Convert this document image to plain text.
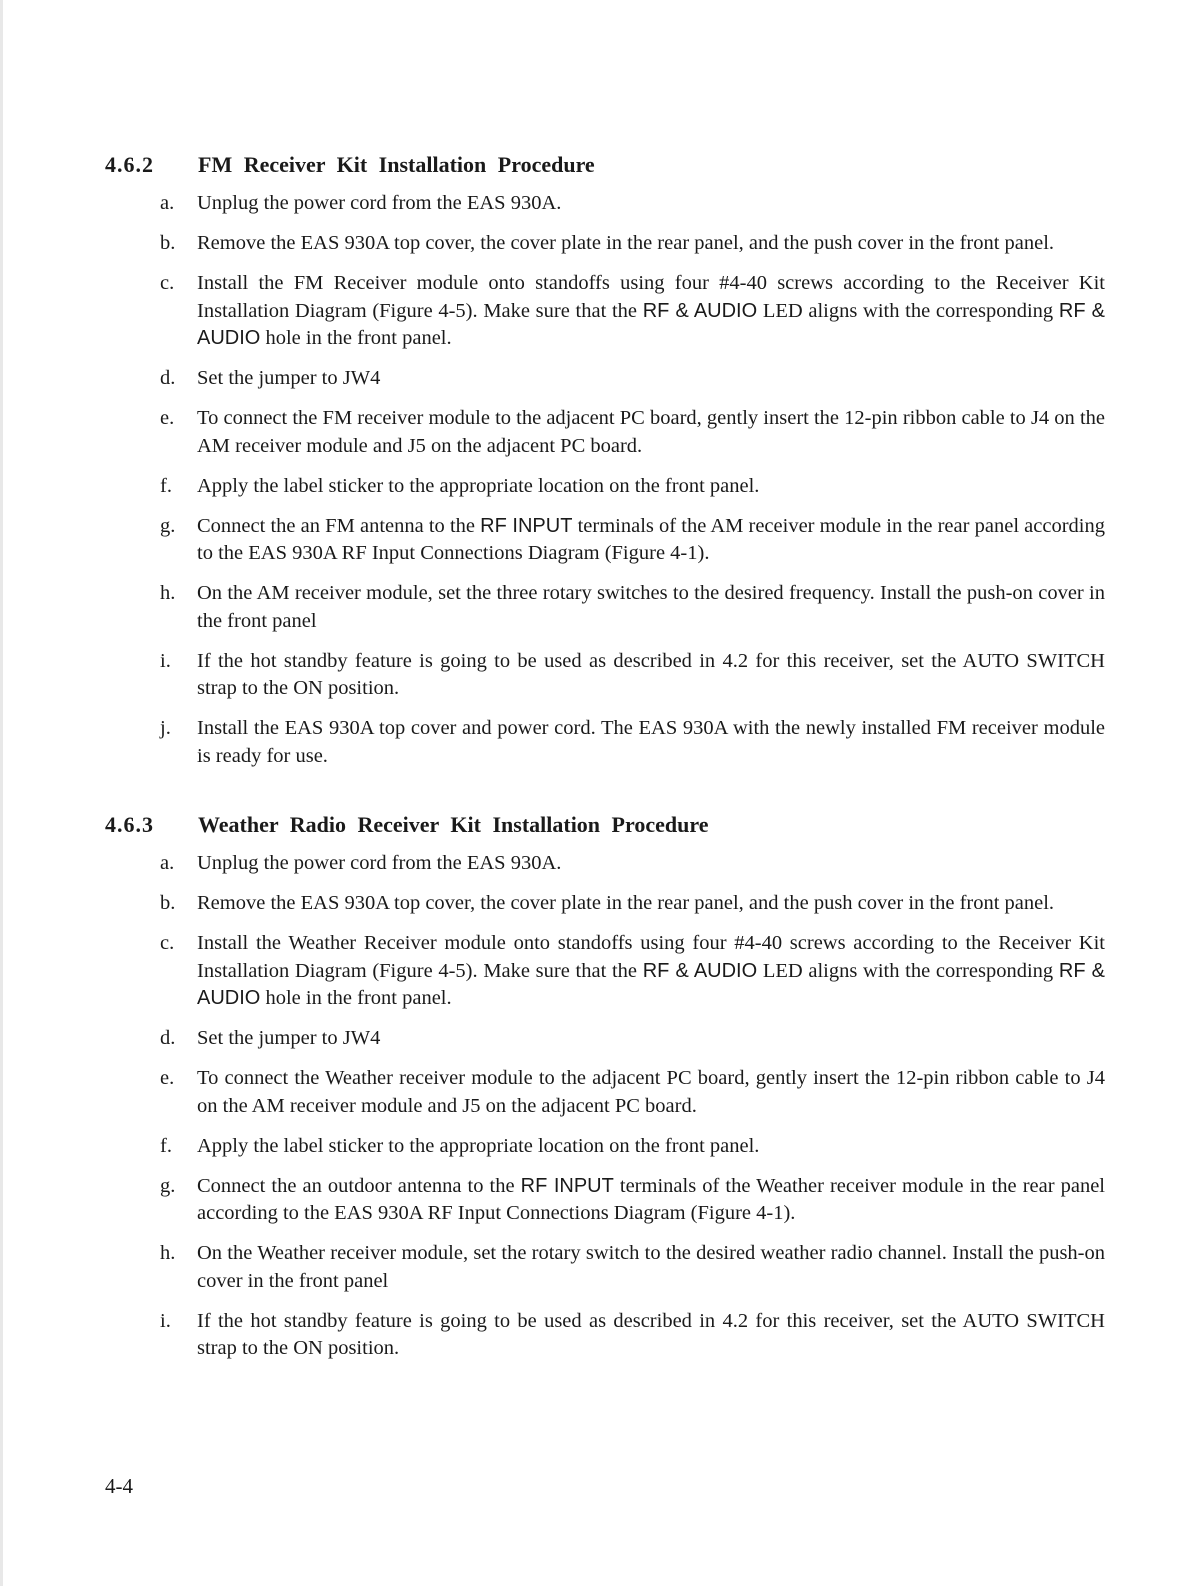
4.6.2 FM Receiver Kit Installation Procedure
a. Unplug the power cord from the EAS 930A.
b. Remove the EAS 930A top cover, the cover plate in the rear panel, and the push cover in the front panel.
c. Install the FM Receiver module onto standoffs using four #4-40 screws according to the Receiver Kit Installation Diagram (Figure 4-5). Make sure that the RF & AUDIO LED aligns with the corresponding RF & AUDIO hole in the front panel.
d. Set the jumper to JW4
e. To connect the FM receiver module to the adjacent PC board, gently insert the 12-pin ribbon cable to J4 on the AM receiver module and J5 on the adjacent PC board.
f. Apply the label sticker to the appropriate location on the front panel.
g. Connect the an FM antenna to the RF INPUT terminals of the AM receiver module in the rear panel according to the EAS 930A RF Input Connections Diagram (Figure 4-1).
h. On the AM receiver module, set the three rotary switches to the desired frequency. Install the push-on cover in the front panel
i. If the hot standby feature is going to be used as described in 4.2 for this receiver, set the AUTO SWITCH strap to the ON position.
j. Install the EAS 930A top cover and power cord. The EAS 930A with the newly installed FM receiver module is ready for use.
4.6.3 Weather Radio Receiver Kit Installation Procedure
a. Unplug the power cord from the EAS 930A.
b. Remove the EAS 930A top cover, the cover plate in the rear panel, and the push cover in the front panel.
c. Install the Weather Receiver module onto standoffs using four #4-40 screws according to the Receiver Kit Installation Diagram (Figure 4-5). Make sure that the RF & AUDIO LED aligns with the corresponding RF & AUDIO hole in the front panel.
d. Set the jumper to JW4
e. To connect the Weather receiver module to the adjacent PC board, gently insert the 12-pin ribbon cable to J4 on the AM receiver module and J5 on the adjacent PC board.
f. Apply the label sticker to the appropriate location on the front panel.
g. Connect the an outdoor antenna to the RF INPUT terminals of the Weather receiver module in the rear panel according to the EAS 930A RF Input Connections Diagram (Figure 4-1).
h. On the Weather receiver module, set the rotary switch to the desired weather radio channel. Install the push-on cover in the front panel
i. If the hot standby feature is going to be used as described in 4.2 for this receiver, set the AUTO SWITCH strap to the ON position.
4-4
